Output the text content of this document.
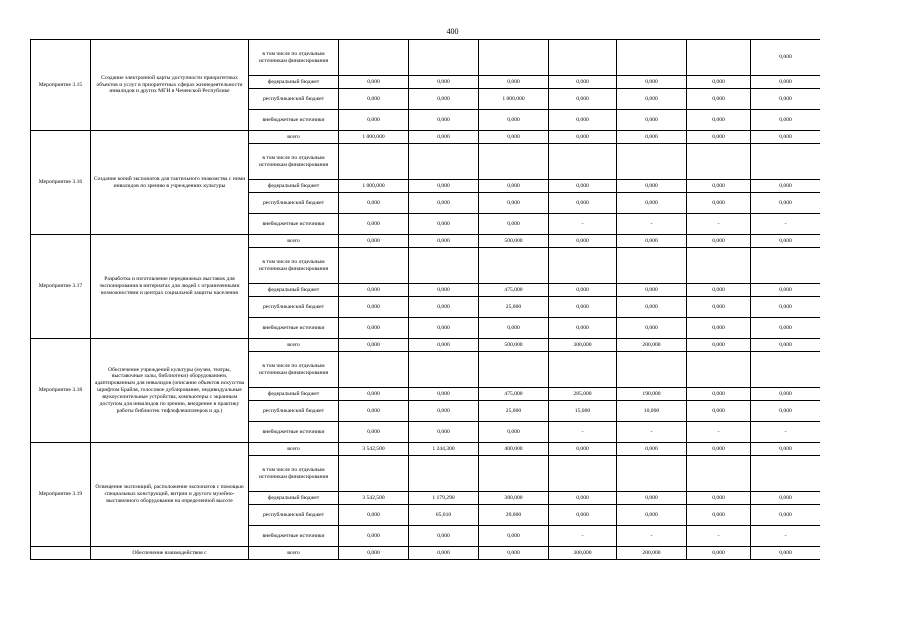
400
Мероприятие 3.15	Создание электронной карты доступности приоритетных объектов и услуг в приоритетных сферах жизнедеятельности инвалидов и других МГН в Чеченской Республике	в том числе по отдельным источникам финансирования							0,000
		федеральный бюджет	0,000	0,000	0,000	0,000	0,000	0,000	0,000
		республиканский бюджет	0,000	0,000	1 000,000	0,000	0,000	0,000	0,000
		внебюджетные источники	0,000	0,000	0,000	0,000	0,000	0,000	0,000
Мероприятие 3.16	Создание копий экспонатов для тактильного знакомства с ними инвалидов по зрению в учреждениях культуры	всего	1 000,000	0,000	0,000	0,000	0,000	0,000	0,000
		в том числе по отдельным источникам финансирования							
		федеральный бюджет	1 000,000	0,000	0,000	0,000	0,000	0,000	0,000
		республиканский бюджет	0,000	0,000	0,000	0,000	0,000	0,000	0,000
		внебюджетные источники	0,000	0,000	0,000	-	-	-	-
Мероприятие 3.17	Разработка и изготовление передвижных выставок для экспонирования в интернатах для людей с ограниченными возможностями и центрах социальной защиты населения	всего	0,000	0,000	500,000	0,000	0,000	0,000	0,000
		в том числе по отдельным источникам финансирования							
		федеральный бюджет	0,000	0,000	475,000	0,000	0,000	0,000	0,000
		республиканский бюджет	0,000	0,000	25,000	0,000	0,000	0,000	0,000
		внебюджетные источники	0,000	0,000	0,000	0,000	0,000	0,000	0,000
Мероприятие 3.18	Обеспечение учреждений культуры (музеи, театры, выставочные залы, библиотеки) оборудованием, адаптированным для инвалидов (описание объектов искусства шрифтом Брайля, голосовое дублирование, индивидуальные звукоусилительные устройства, компьютеры с экранным доступом для инвалидов по зрению, внедрение в практику работы библиотек тифлофлешплееров и др.)	всего	0,000	0,000	500,000	300,000	200,000	0,000	0,000
		в том числе по отдельным источникам финансирования							
		федеральный бюджет	0,000	0,000	475,000	285,000	190,000	0,000	0,000
		республиканский бюджет	0,000	0,000	25,000	15,000	10,000	0,000	0,000
		внебюджетные источники	0,000	0,000	0,000	-	-	-	-
Мероприятие 3.19	Освещение экспозиций, расположение экспонатов с помощью специальных конструкций, витрин и другого музейно-выставочного оборудования на определенной высоте	всего	3 542,500	1 244,300	400,000	0,000	0,000	0,000	0,000
		в том числе по отдельным источникам финансирования							
		федеральный бюджет	3 542,500	1 179,290	380,000	0,000	0,000	0,000	0,000
		республиканский бюджет	0,000	65,010	20,000	0,000	0,000	0,000	0,000
		внебюджетные источники	0,000	0,000	0,000	-	-	-	-
	Обеспечение взаимодействия с	всего	0,000	0,000	0,000	300,000	200,000	0,000	0,000
